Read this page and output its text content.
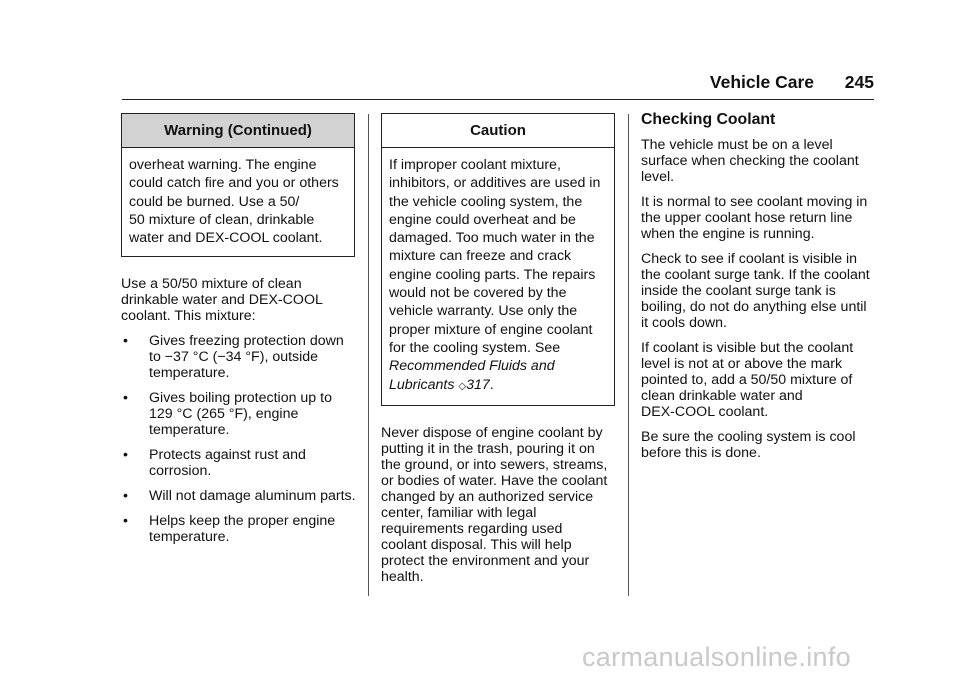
Vehicle Care 245
Warning (Continued)
overheat warning. The engine
could catch fire and you or others
could be burned. Use a 50/
50 mixture of clean, drinkable
water and DEX-COOL coolant.

Use a 50/50 mixture of clean
drinkable water and DEX-COOL
coolant. This mixture:

•	Gives freezing protection down
to −37 °C (−34 °F), outside
temperature.
•	Gives boiling protection up to
129 °C (265 °F), engine
temperature.
•	Protects against rust and
corrosion.
•	Will not damage aluminum parts.
•	Helps keep the proper engine
temperature.
Caution
If improper coolant mixture,
inhibitors, or additives are used in
the vehicle cooling system, the
engine could overheat and be
damaged. Too much water in the
mixture can freeze and crack
engine cooling parts. The repairs
would not be covered by the
vehicle warranty. Use only the
proper mixture of engine coolant
for the cooling system. See
Recommended Fluids and
Lubricants ◇317.

Never dispose of engine coolant by
putting it in the trash, pouring it on
the ground, or into sewers, streams,
or bodies of water. Have the coolant
changed by an authorized service
center, familiar with legal
requirements regarding used
coolant disposal. This will help
protect the environment and your
health.

Checking Coolant

The vehicle must be on a level
surface when checking the coolant
level.

It is normal to see coolant moving in
the upper coolant hose return line
when the engine is running.

Check to see if coolant is visible in
the coolant surge tank. If the coolant
inside the coolant surge tank is
boiling, do not do anything else until
it cools down.

If coolant is visible but the coolant
level is not at or above the mark
pointed to, add a 50/50 mixture of
clean drinkable water and
DEX-COOL coolant.

Be sure the cooling system is cool
before this is done.

carmanualsonline.info
